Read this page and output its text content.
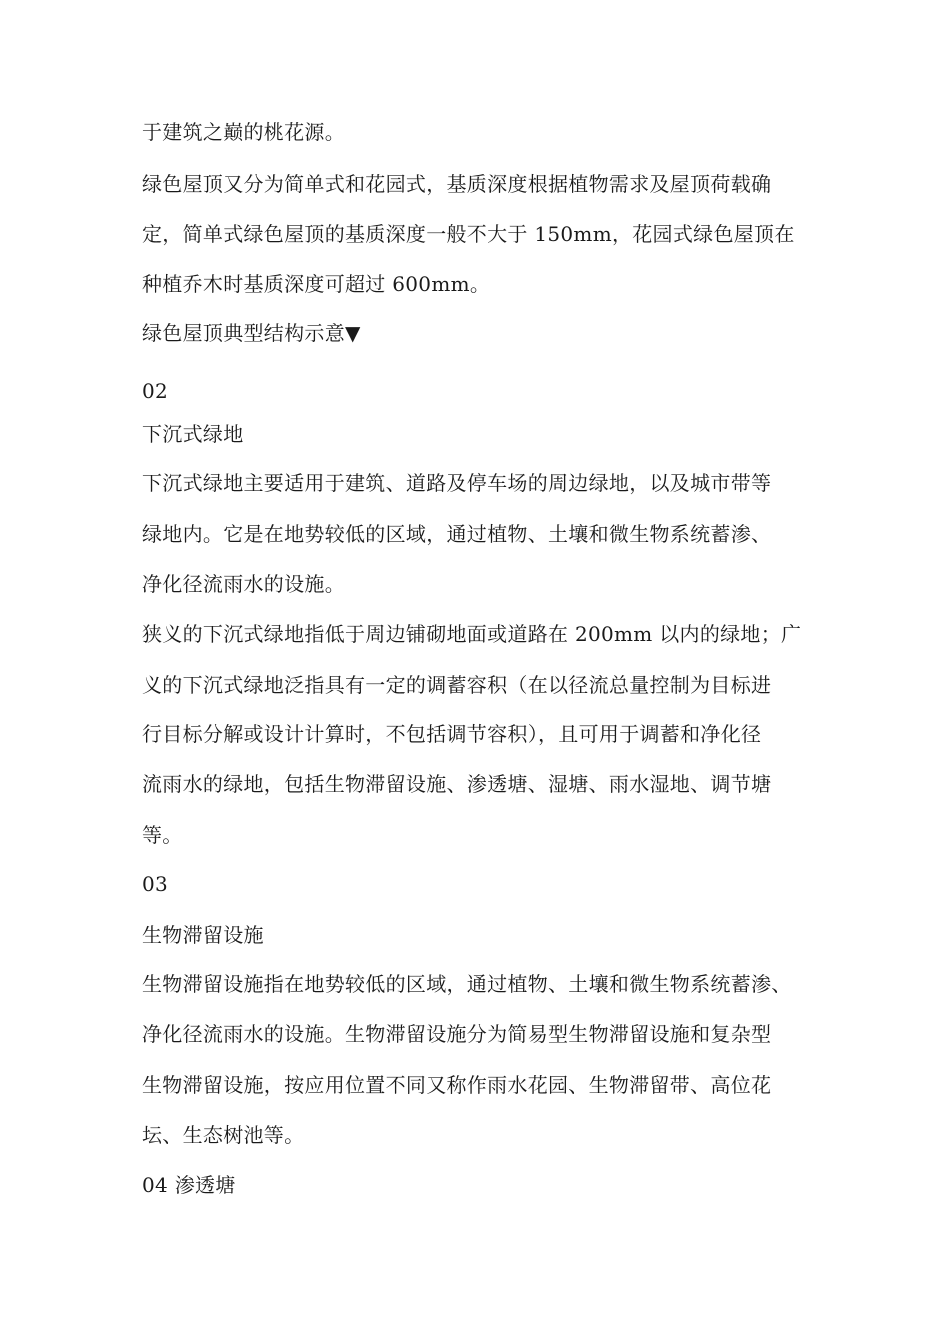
于建筑之巅的桃花源。
绿色屋顶又分为简单式和花园式，基质深度根据植物需求及屋顶荷载确
定，简单式绿色屋顶的基质深度一般不大于 150mm，花园式绿色屋顶在
种植乔木时基质深度可超过 600mm。
绿色屋顶典型结构示意▼
02
下沉式绿地
下沉式绿地主要适用于建筑、道路及停车场的周边绿地，以及城市带等
绿地内。它是在地势较低的区域，通过植物、土壤和微生物系统蓄渗、
净化径流雨水的设施。
狭义的下沉式绿地指低于周边铺砌地面或道路在 200mm 以内的绿地；广
义的下沉式绿地泛指具有一定的调蓄容积（在以径流总量控制为目标进
行目标分解或设计计算时，不包括调节容积），且可用于调蓄和净化径
流雨水的绿地，包括生物滞留设施、渗透塘、湿塘、雨水湿地、调节塘
等。
03
生物滞留设施
生物滞留设施指在地势较低的区域，通过植物、土壤和微生物系统蓄渗、
净化径流雨水的设施。生物滞留设施分为简易型生物滞留设施和复杂型
生物滞留设施，按应用位置不同又称作雨水花园、生物滞留带、高位花
坛、生态树池等。
04 渗透塘
